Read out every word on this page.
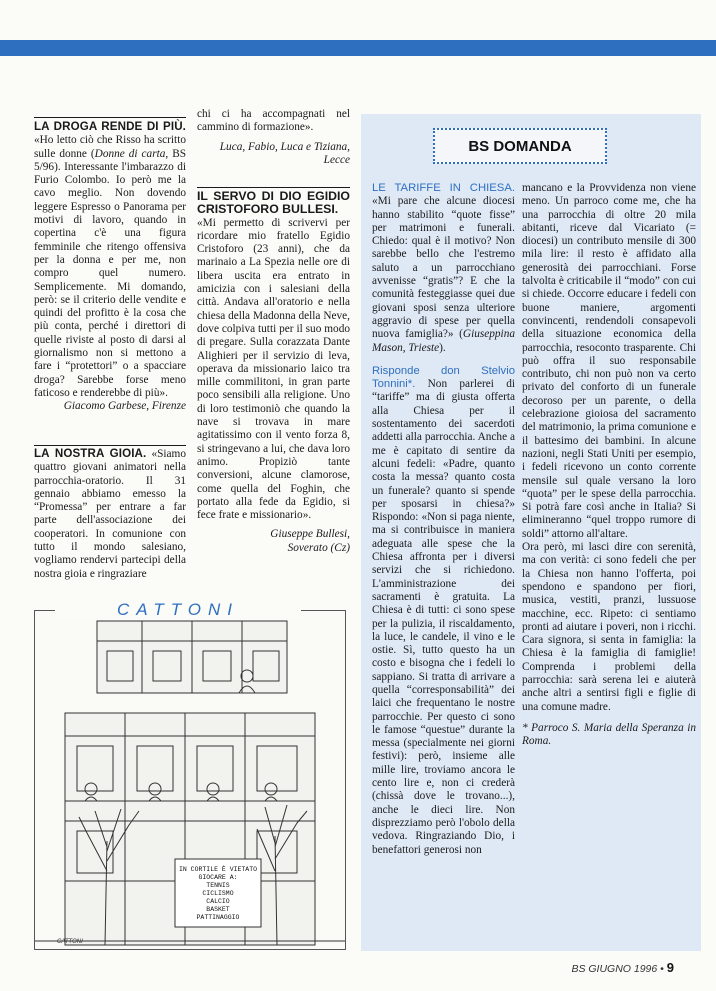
LA DROGA RENDE DI PIÙ. «Ho letto ciò che Risso ha scritto sulle donne (Donne di carta, BS 5/96). Interessante l'imbarazzo di Furio Colombo. Io però me la cavo meglio. Non dovendo leggere Espresso o Panorama per motivi di lavoro, quando in copertina c'è una figura femminile che ritengo offensiva per la donna e per me, non compro quel numero. Semplicemente. Mi domando, però: se il criterio delle vendite e quindi del profitto è la cosa che più conta, perché i direttori di quelle riviste al posto di darsi al giornalismo non si mettono a fare i “protettori” o a spacciare droga? Sarebbe forse meno faticoso e renderebbe di più».

Giacomo Garbese, Firenze

LA NOSTRA GIOIA. «Siamo quattro giovani animatori nella parrocchia-oratorio. Il 31 gennaio abbiamo emesso la “Promessa” per entrare a far parte dell'associazione dei cooperatori. In comunione con tutto il mondo salesiano, vogliamo rendervi partecipi della nostra gioia e ringraziare

chi ci ha accompagnati nel cammino di formazione».

Luca, Fabio, Luca e Tiziana,
Lecce

IL SERVO DI DIO EGIDIO CRISTOFORO BULLESI.

«Mi permetto di scrivervi per ricordare mio fratello Egidio Cristoforo (23 anni), che da marinaio a La Spezia nelle ore di libera uscita era entrato in amicizia con i salesiani della città. Andava all'oratorio e nella chiesa della Madonna della Neve, dove colpiva tutti per il suo modo di pregare. Sulla corazzata Dante Alighieri per il servizio di leva, operava da missionario laico tra mille commilitoni, in gran parte poco sensibili alla religione. Uno di loro testimoniò che quando la nave si trovava in mare agitatissimo con il vento forza 8, si stringevano a lui, che dava loro animo. Propiziò tante conversioni, alcune clamorose, come quella del Foghin, che portato alla fede da Egidio, si fece frate e missionario».

Giuseppe Bullesi,
Soverato (Cz)

IN CORTILE È VIETATO
GIOCARE A:
TENNIS
CICLISMO
CALCIO
BASKET
PATTINAGGIO
CATTONI
CATTONI
BS DOMANDA

LE TARIFFE IN CHIESA. «Mi pare che alcune diocesi hanno stabilito “quote fisse” per matrimoni e funerali. Chiedo: qual è il motivo? Non sarebbe bello che l'estremo saluto a un parrocchiano avvenisse “gratis”? E che la comunità festeggiasse quei due giovani sposi senza ulteriore aggravio di spese per quella nuova famiglia?» (Giuseppina Mason, Trieste).

Risponde don Stelvio Tonnini*. Non parlerei di “tariffe” ma di giusta offerta alla Chiesa per il sostentamento dei sacerdoti addetti alla parrocchia. Anche a me è capitato di sentire da alcuni fedeli: «Padre, quanto costa la messa? quanto costa un funerale? quanto si spende per sposarsi in chiesa?» Rispondo: «Non si paga niente, ma si contribuisce in maniera adeguata alle spese che la Chiesa affronta per i diversi servizi che si richiedono. L'amministrazione dei sacramenti è gratuita. La Chiesa è di tutti: ci sono spese per la pulizia, il riscaldamento, la luce, le candele, il vino e le ostie. Sì, tutto questo ha un costo e bisogna che i fedeli lo sappiano. Si tratta di arrivare a quella “corresponsabilità” dei laici che frequentano le nostre parrocchie. Per questo ci sono le famose “questue” durante la messa (specialmente nei giorni festivi): però, insieme alle mille lire, troviamo ancora le cento lire e, non ci crederà (chissà dove le trovano...), anche le dieci lire. Non disprezziamo però l'obolo della vedova. Ringraziando Dio, i benefattori generosi non

mancano e la Provvidenza non viene meno. Un parroco come me, che ha una parrocchia di oltre 20 mila abitanti, riceve dal Vicariato (= diocesi) un contributo mensile di 300 mila lire: il resto è affidato alla generosità dei parrocchiani. Forse talvolta è criticabile il “modo” con cui si chiede. Occorre educare i fedeli con buone maniere, argomenti convincenti, rendendoli consapevoli della situazione economica della parrocchia, resoconto trasparente. Chi può offra il suo responsabile contributo, chi non può non va certo privato del conforto di un funerale decoroso per un parente, o della celebrazione gioiosa del sacramento del matrimonio, la prima comunione e il battesimo dei bambini. In alcune nazioni, negli Stati Uniti per esempio, i fedeli ricevono un conto corrente mensile sul quale versano la loro “quota” per le spese della parrocchia. Si potrà fare così anche in Italia? Si elimineranno “quel troppo rumore di soldi” attorno all'altare.

Ora però, mi lasci dire con serenità, ma con verità: ci sono fedeli che per la Chiesa non hanno l'offerta, poi spendono e spandono per fiori, musica, vestiti, pranzi, lussuose macchine, ecc. Ripeto: ci sentiamo pronti ad aiutare i poveri, non i ricchi. Cara signora, si senta in famiglia: la Chiesa è la famiglia di famiglie! Comprenda i problemi della parrocchia: sarà serena lei e aiuterà anche altri a sentirsi figli e figlie di una comune madre.

* Parroco S. Maria della Speranza in Roma.

BS GIUGNO 1996 • 9
